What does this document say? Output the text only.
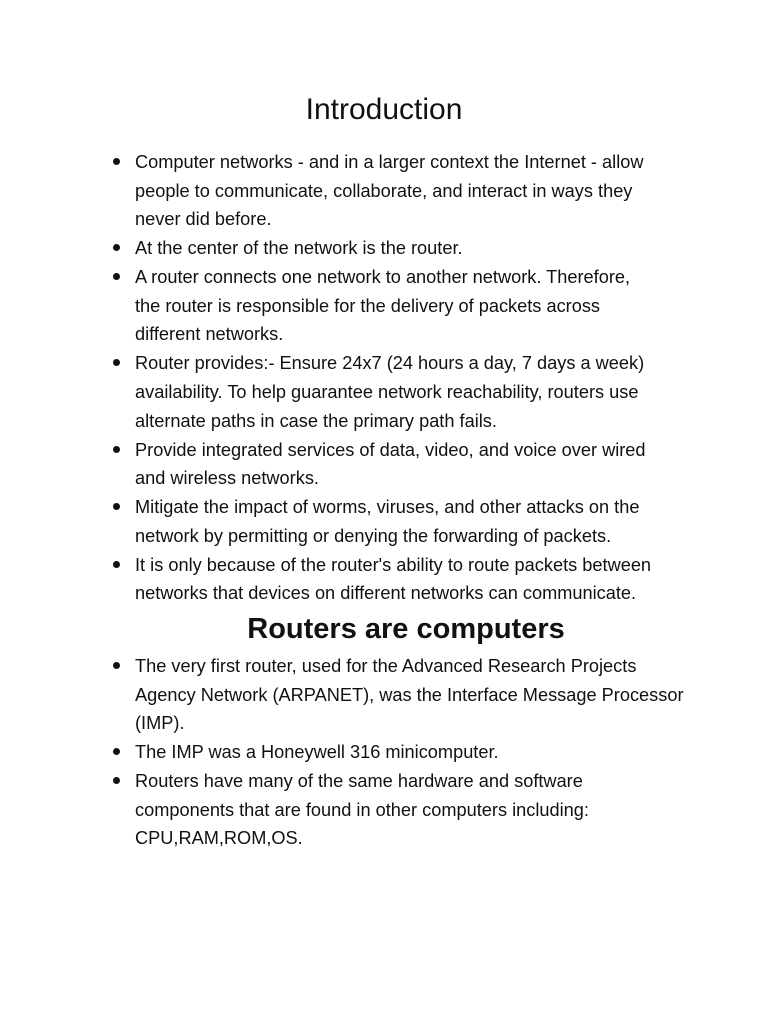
Introduction
Computer networks - and in a larger context the Internet - allow
people to communicate, collaborate, and interact in ways they
never did before.
At the center of the network is the router.
A router connects one network to another network. Therefore,
the router is responsible for the delivery of packets across
different networks.
Router provides:- Ensure 24x7 (24 hours a day, 7 days a week)
availability. To help guarantee network reachability, routers use
alternate paths in case the primary path fails.
Provide integrated services of data, video, and voice over wired
and wireless networks.
Mitigate the impact of worms, viruses, and other attacks on the
network by permitting or denying the forwarding of packets.
It is only because of the router's ability to route packets between
networks that devices on different networks can communicate.
Routers are computers
The very first router, used for the Advanced Research Projects
Agency Network (ARPANET), was the Interface Message Processor
(IMP).
The IMP was a Honeywell 316 minicomputer.
Routers have many of the same hardware and software
components that are found in other computers including:
CPU,RAM,ROM,OS.
